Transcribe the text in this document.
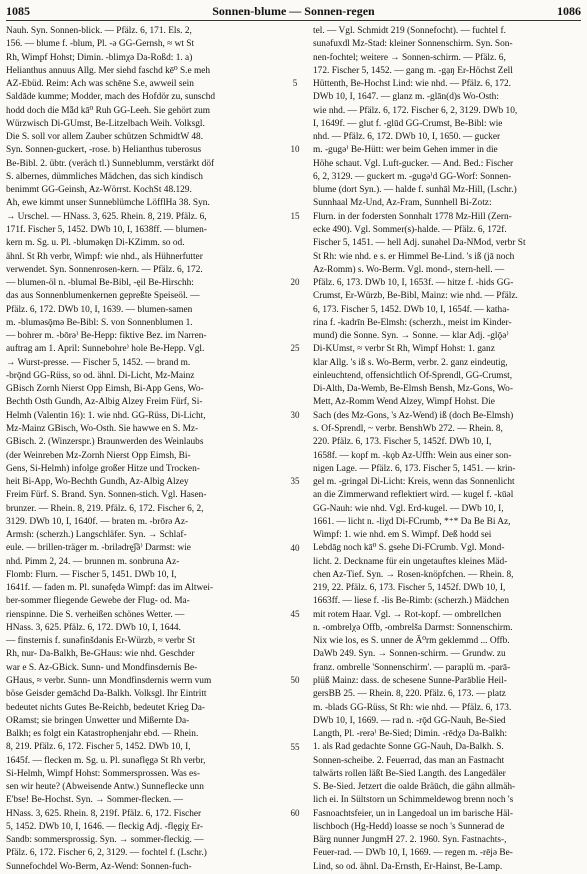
1085	Sonnen-blume — Sonnen-regen	1086
Nauh. Syn. Sonnen-blick. — Pfälz. 6, 171. Els. 2,
156. — blume f. -blum, Pl. -ə GG-Gernsh, ≈ wt St
Rh, Wimpf Hohst; Dimin. -blimχə Da-Roßd: 1. a)
Helianthus annuus Allg. Mer siehd faschd kē⁰ S.e meh
AZ-Ebüd. Reim: Ach was schēne S.e, awweil sein
Saldāde kumme; Modder, mach des Hofdör zu, sunschd
hodd doch die Mǟd kā⁰ Ruh GG-Leeh. Sie gehört zum
Würzwisch Di-GUmst, Be-Litzelbach Weih. Volksgl.
Die S. soll vor allem Zauber schützen SchmidtW 48.
Syn. Sonnen-guckert, -rose. b) Helianthus tuberosus
Be-Bibl. 2. übtr. (veräch tl.) Sunneblumm, verstärkt döf
S. albernes, dümmliches Mädchen, das sich kindisch
benimmt GG-Geinsh, Az-Wörrst. KochSt 48.129.
Ah, ewe kimmt unser Sunneblümche LöfflHa 38. Syn.
→ Urschel. — HNass. 3, 625. Rhein. 8, 219. Pfälz. 6,
171f. Fischer 5, 1452. DWb 10, I, 1638ff. — blumen-
kern m. Sg. u. Pl. -bluməkęn Di-KZimm. so od.
ähnl. St Rh verbr, Wimpf: wie nhd., als Hühnerfutter
verwendet. Syn. Sonnenrosen-kern. — Pfälz. 6, 172.
— blumen-öl n. -blumǝl Be-Bibl, -ęil Be-Hirschh:
das aus Sonnenblumenkernen gepreßte Speiseöl. —
Pfälz. 6, 172. DWb 10, I, 1639. — blumen-samen
m. -blumǝsǭmə Be-Bibl: S. von Sonnenblumen 1.
— bohrer m. -bōrə⁾ Be-Hepp: fiktive Bez. im Narren-
auftrag am 1. April: Sunnebohre⁾ hole Be-Hepp. Vgl.
→ Wurst-presse. — Fischer 5, 1452. — brand m.
-brǭnd GG-Rüss, so od. ähnl. Di-Licht, Mz-Mainz
GBisch Zornh Nierst Opp Eimsh, Bi-App Gens, Wo-
Bechth Osth Gundh, Az-Albig Alzey Freim Fürf, Si-
Helmh (Valentin 16): 1. wie nhd. GG-Rüss, Di-Licht,
Mz-Mainz GBisch, Wo-Osth. Sie hawwe en S. Mz-
GBisch. 2. (Winzerspr.) Braunwerden des Weinlaubs
(der Weinreben Mz-Zornh Nierst Opp Eimsh, Bi-
Gens, Si-Helmh) infolge großer Hitze und Trocken-
heit Bi-App, Wo-Bechth Gundh, Az-Albig Alzey
Freim Fürf. S. Brand. Syn. Sonnen-stich. Vgl. Hasen-
brunzer. — Rhein. 8, 219. Pfälz. 6, 172. Fischer 6, 2,
3129. DWb 10, I, 1640f. — braten m. -brōrə Az-
Armsh: (scherzh.) Langschläfer. Syn. → Schlaf-
eule. — brillen-träger m. -brilədrę͡jə⁾ Darmst: wie
nhd. Pimm 2, 24. — brunnen m. sonbruna Az-
Flomb: Flurn. — Fischer 5, 1451. DWb 10, I,
1641f. — faden m. Pl. sunəfędə Wimpf: das im Altwei-
ber-sommer fliegende Gewebe der Flug- od. Ma-
rienspinne. Die S. verheißen schönes Wetter. —
HNass. 3, 625. Pfälz. 6, 172. DWb 10, I, 1644.
— finsternis f. sunəfinšdənis Er-Würzb, ≈ verbr St
Rh, nur- Da-Balkh, Be-GHaus: wie nhd. Geschder
war e S. Az-GBick. Sunn- und Mondfinsdernis Be-
GHaus, ≈ verbr. Sunn- unn Mondfinsdernis werrn vum
böse Geisder gemāchd Da-Balkh. Volksgl. Ihr Eintritt
bedeutet nichts Gutes Be-Reichb, bedeutet Krieg Da-
ORamst; sie bringen Unwetter und Mißernte Da-
Balkh; es folgt ein Katastrophenjahr ebd. — Rhein.
8, 219. Pfälz. 6, 172. Fischer 5, 1452. DWb 10, I,
1645f. — flecken m. Sg. u. Pl. sunəflęgə St Rh verbr,
Si-Helmh, Wimpf Hohst: Sommersprossen. Was es-
sen wir heute? (Abweisende Antw.) Sunneflecke unn
E'bse! Be-Hochst. Syn. → Sommer-flecken. —
HNass. 3, 625. Rhein. 8, 219f. Pfälz. 6, 172. Fischer
5, 1452. DWb 10, I, 1646. — fleckig Adj. -flęgiχ Er-
Sandb: sommersprossig. Syn. → sommer-fleckig. —
Pfälz. 6, 172. Fischer 6, 2, 3129. — fochtel f. (Lschr.)
Sunnefochdel Wo-Berm, Az-Wend: Sonnen-fuch-
5
10
15
20
25
30
35
40
45
50
55
60
tel. — Vgl. Schmidt 219 (Sonnefocht). — fuchtel f.
sunəfuxdl Mz-Stad: kleiner Sonnenschirm. Syn. Son-
nen-fochtel; weitere → Sonnen-schirm. — Pfälz. 6,
172. Fischer 5, 1452. — gang m. -gạŋ Er-Höchst Zell
Hüttenth, Be-Hochst Lind: wie nhd. — Pfälz. 6, 172.
DWb 10, I, 1647. — glanz m. -glān(d)s Wo-Osth:
wie nhd. — Pfälz. 6, 172. Fischer 6, 2, 3129. DWb 10,
I, 1649f. — glut f. -glūd GG-Crumst, Be-Bibl: wie
nhd. — Pfälz. 6, 172. DWb 10, I, 1650. — gucker
m. -gugə⁾ Be-Hütt: wer beim Gehen immer in die
Höhe schaut. Vgl. Luft-gucker. — And. Bed.: Fischer
6, 2, 3129. — guckert m. -gugə⁾d GG-Worf: Sonnen-
blume (dort Syn.). — halde f. sunhāl Mz-Hill, (Lschr.)
Sunnhaal Mz-Und, Az-Fram, Sunnhell Bi-Zotz:
Flurn. in der fodersten Sonnhalt 1778 Mz-Hill (Zern-
ecke 490). Vgl. Sommer(s)-halde. — Pfälz. 6, 172f.
Fischer 5, 1451. — hell Adj. sunəhel Da-NMod, verbr St
St Rh: wie nhd. e s. er Himmel Be-Lind. 's iß (jā noch
Az-Romm) s. Wo-Berm. Vgl. mond-, stern-hell. —
Pfälz. 6, 173. DWb 10, I, 1653f. — hitze f. -hids GG-
Crumst, Er-Würzb, Be-Bibl, Mainz: wie nhd. — Pfälz.
6, 173. Fischer 5, 1452. DWb 10, I, 1654f. — katha-
rina f. -kadrīn Be-Elmsh: (scherzh., meist im Kinder-
mund) die Sonne. Syn. → Sonne. — klar Adj. -glǭə⁾
Di-KUmst, ≈ verbr St Rh, Wimpf Hohst: 1. ganz
klar Allg. 's iß s. Wo-Berm, verbr. 2. ganz eindeutig,
einleuchtend, offensichtlich Of-Sprendl, GG-Crumst,
Di-Alth, Da-Wemb, Be-Elmsh Bensh, Mz-Gons, Wo-
Mett, Az-Romm Wend Alzey, Wimpf Hohst. Die
Sach (des Mz-Gons, 's Az-Wend) iß (doch Be-Elmsh)
s. Of-Sprendl, ~ verbr. BenshWb 272. — Rhein. 8,
220. Pfälz. 6, 173. Fischer 5, 1452f. DWb 10, I,
1658f. — kopf m. -kǫb Az-Uffh: Wein aus einer son-
nigen Lage. — Pfälz. 6, 173. Fischer 5, 1451. — krin-
gel m. -gringəl Di-Licht: Kreis, wenn das Sonnenlicht
an die Zimmerwand reflektiert wird. — kugel f. -kūəl
GG-Nauh: wie nhd. Vgl. Erd-kugel. — DWb 10, I,
1661. — licht n. -liχd Di-FCrumb, *⁺* Da Be Bi Az,
Wimpf: 1. wie nhd. em S. Wimpf. Deß hodd sei
Lebdāg noch kā⁰ S. gsehe Di-FCrumb. Vgl. Mond-
licht. 2. Deckname für ein ungetauftes kleines Mäd-
chen Az-Tief. Syn. → Rosen-knöpfchen. — Rhein. 8,
219, 22. Pfälz. 6, 173. Fischer 5, 1452f. DWb 10, I,
1663ff. — liese f. -lis Be-Rimb: (scherzh.) Mädchen
mit rotem Haar. Vgl. → Rot-kopf. — ombrellchen
n. -ombrelχə Offb, -ombrelša Darmst: Sonnenschirm.
Nix wie los, es S. unner de Ā⁰rm geklemmd ... Offb.
DaWb 249. Syn. → Sonnen-schirm. — Grundw. zu
franz. ombrelle 'Sonnenschirm'. — paraplü m. -parā-
plüß Mainz: dass. de schesene Sunne-Parāblie Heil-
gersBB 25. — Rhein. 8, 220. Pfälz. 6, 173. — platz
m. -blads GG-Rüss, St Rh: wie nhd. — Pfälz. 6, 173.
DWb 10, I, 1669. — rad n. -rǭd GG-Nauh, Be-Sied
Langth, Pl. -rerə⁾ Be-Sied; Dimin. -rēdχə Da-Balkh:
1. als Rad gedachte Sonne GG-Nauh, Da-Balkh. S.
Sonnen-scheibe. 2. Feuerrad, das man an Fastnacht
talwärts rollen läßt Be-Sied Langth. des Langedäler
S. Be-Sied. Jetzert die oalde Bräūch, die gähn allmäh-
lich ei. In Sültstorn un Schimmeldewog brenn noch 's
Fasnoachtsfeier, un in Langedoal un im barische Häl-
lischboch (Hg-Hedd) loasse se noch 's Sunnerad de
Bärg nunner JungmH 27. 2. 1960. Syn. Fastnachts-,
Feuer-rad. — DWb 10, I, 1669. — regen m. -rējə Be-
Lind, so od. ähnl. Da-Ernsth, Er-Hainst, Be-Lamp.
